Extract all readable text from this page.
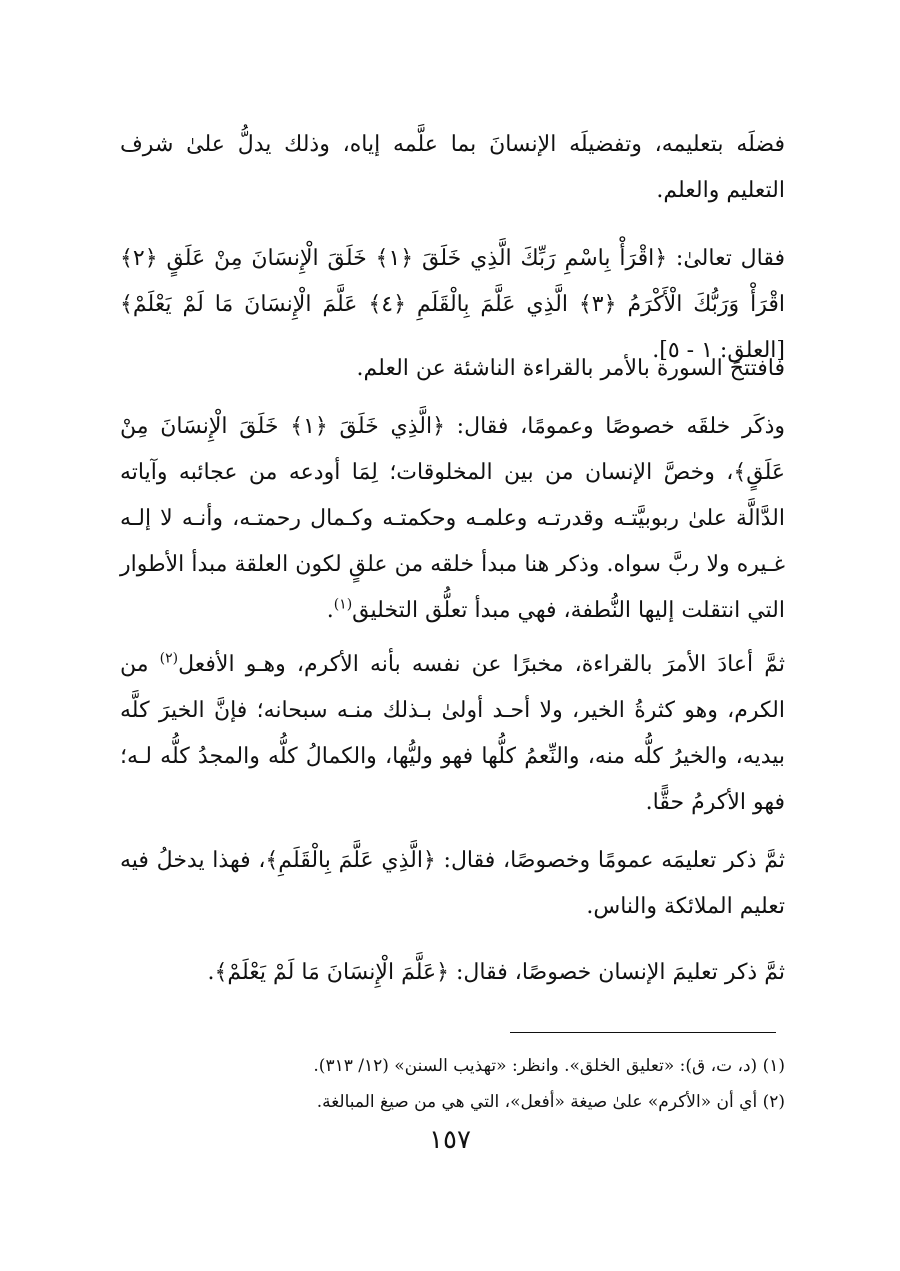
فضلَه بتعليمه، وتفضيلَه الإنسانَ بما علَّمه إياه، وذلك يدلُّ علىٰ شرف التعليم والعلم.

فقال تعالىٰ: ﴿اقْرَأْ بِاسْمِ رَبِّكَ الَّذِي خَلَقَ ﴿١﴾ خَلَقَ الْإِنسَانَ مِنْ عَلَقٍ ﴿٢﴾ اقْرَأْ وَرَبُّكَ الْأَكْرَمُ ﴿٣﴾ الَّذِي عَلَّمَ بِالْقَلَمِ ﴿٤﴾ عَلَّمَ الْإِنسَانَ مَا لَمْ يَعْلَمْ﴾ [العلق: ١ - ٥].

فافتتحَ السورة بالأمر بالقراءة الناشئة عن العلم.

وذكَر خلقَه خصوصًا وعمومًا، فقال: ﴿الَّذِي خَلَقَ ﴿١﴾ خَلَقَ الْإِنسَانَ مِنْ عَلَقٍ﴾، وخصَّ الإنسان من بين المخلوقات؛ لِمَا أودعه من عجائبه وآياته الدَّالَّة علىٰ ربوبيَّتـه وقدرتـه وعلمـه وحكمتـه وكـمال رحمتـه، وأنـه لا إلـه غـيره ولا ربَّ سواه. وذكر هنا مبدأ خلقه من علقٍ لكون العلقة مبدأ الأطوار التي انتقلت إليها النُّطفة، فهي مبدأ تعلُّق التخليق$^{(١)}$.

ثمَّ أعادَ الأمرَ بالقراءة، مخبرًا عن نفسه بأنه الأكرم، وهـو الأفعل$^{(٢)}$ من الكرم، وهو كثرةُ الخير، ولا أحـد أولىٰ بـذلك منـه سبحانه؛ فإنَّ الخيرَ كلَّه بيديه، والخيرُ كلُّه منه، والنِّعمُ كلُّها فهو وليُّها، والكمالُ كلُّه والمجدُ كلُّه لـه؛ فهو الأكرمُ حقًّا.

ثمَّ ذكر تعليمَه عمومًا وخصوصًا، فقال: ﴿الَّذِي عَلَّمَ بِالْقَلَمِ﴾، فهذا يدخلُ فيه تعليم الملائكة والناس.

ثمَّ ذكر تعليمَ الإنسان خصوصًا، فقال: ﴿عَلَّمَ الْإِنسَانَ مَا لَمْ يَعْلَمْ﴾.

(١) (د، ت، ق): «تعليق الخلق». وانظر: «تهذيب السنن» (١٢/ ٣١٣).

(٢) أي أن «الأكرم» علىٰ صيغة «أفعل»، التي هي من صيغ المبالغة.

١٥٧
